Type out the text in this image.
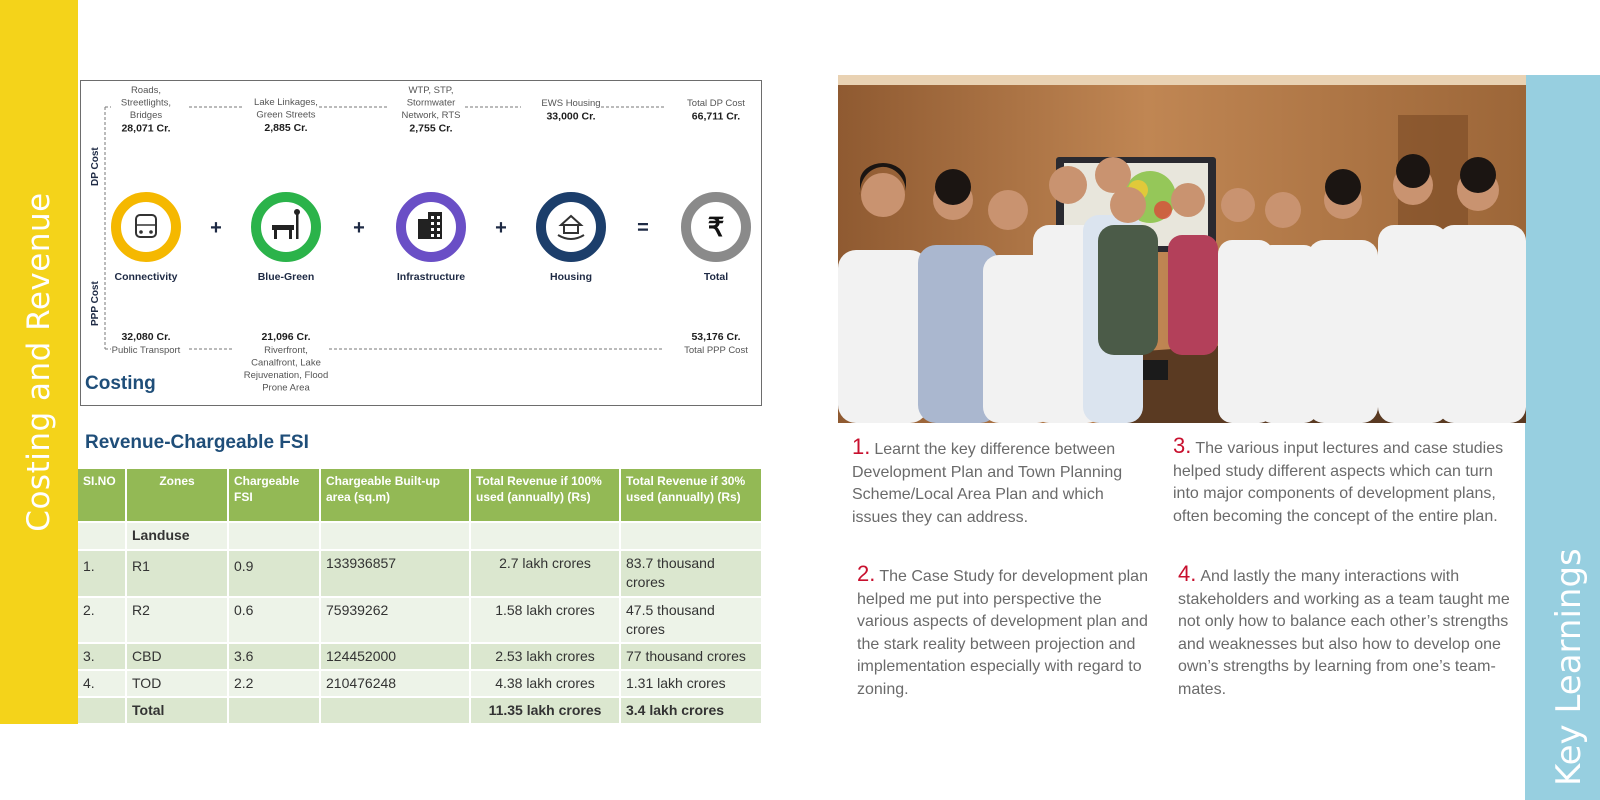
Costing and Revenue
Key Learnings
DP Cost
PPP Cost
Roads,
Streetlights,
Bridges
28,071 Cr.
Lake Linkages,
Green Streets
2,885 Cr.
WTP, STP,
Stormwater
Network, RTS
2,755 Cr.
EWS Housing
33,000 Cr.
Total DP Cost
66,711 Cr.
Connectivity	Blue-Green	Infrastructure	Housing	Total
₹
+	+	+	=
32,080 Cr.
Public Transport
21,096 Cr.
Riverfront,
Canalfront, Lake
Rejuvenation, Flood
Prone Area
53,176 Cr.
Total PPP Cost
Costing
Revenue-Chargeable FSI
SI.NO	Zones	Chargeable FSI	Chargeable Built-up area (sq.m)	Total Revenue if 100% used (annually) (Rs)	Total Revenue if 30% used (annually) (Rs)
	Landuse				
1.	R1	0.9	133936857	2.7 lakh crores	83.7 thousand crores
2.	R2	0.6	75939262	1.58 lakh crores	47.5 thousand crores
3.	CBD	3.6	124452000	2.53 lakh crores	77 thousand crores
4.	TOD	2.2	210476248	4.38 lakh crores	1.31 lakh crores
	Total			11.35 lakh crores	3.4 lakh crores
1. Learnt the key difference between Development Plan and Town Planning Scheme/Local Area Plan and which issues they can address.
2. The Case Study for development plan helped me put into perspective the various aspects of development plan and the stark reality between projection and implementation especially with regard to zoning.
3. The various input lectures and case studies helped study different aspects which can turn into major components of development plans, often becoming the concept of the entire plan.
4. And lastly the many interactions with stakeholders and working as a team taught me not only how to balance each other’s strengths and weaknesses but also how to develop one own’s strengths by learning from one’s team-mates.
